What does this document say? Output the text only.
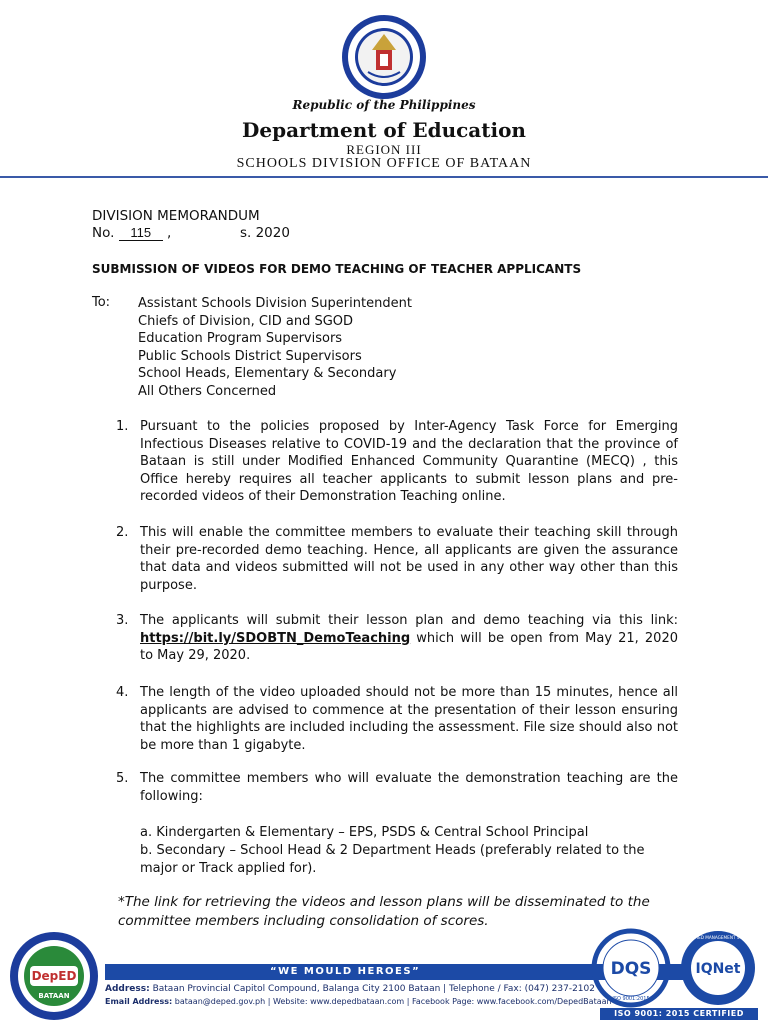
Republic of the Philippines
Department of Education
REGION III
SCHOOLS DIVISION OFFICE OF BATAAN
DIVISION MEMORANDUM
No. 115 ,                s. 2020
SUBMISSION OF VIDEOS FOR DEMO TEACHING OF TEACHER APPLICANTS
To: Assistant Schools Division Superintendent
Chiefs of Division, CID and SGOD
Education Program Supervisors
Public Schools District Supervisors
School Heads, Elementary & Secondary
All Others Concerned
1. Pursuant to the policies proposed by Inter-Agency Task Force for Emerging Infectious Diseases relative to COVID-19 and the declaration that the province of Bataan is still under Modified Enhanced Community Quarantine (MECQ) , this Office hereby requires all teacher applicants to submit lesson plans and pre-recorded videos of their Demonstration Teaching online.
2. This will enable the committee members to evaluate their teaching skill through their pre-recorded demo teaching. Hence, all applicants are given the assurance that data and videos submitted will not be used in any other way other than this purpose.
3. The applicants will submit their lesson plan and demo teaching via this link: https://bit.ly/SDOBTN_DemoTeaching which will be open from May 21, 2020 to May 29, 2020.
4. The length of the video uploaded should not be more than 15 minutes, hence all applicants are advised to commence at the presentation of their lesson ensuring that the highlights are included including the assessment. File size should also not be more than 1 gigabyte.
5. The committee members who will evaluate the demonstration teaching are the following:
a. Kindergarten & Elementary – EPS, PSDS & Central School Principal
b. Secondary – School Head & 2 Department Heads (preferably related to the major or Track applied for).
*The link for retrieving the videos and lesson plans will be disseminated to the committee members including consolidation of scores.
DepED
BATAAN
“WE MOULD HEROES”
Address: Bataan Provincial Capitol Compound, Balanga City 2100 Bataan | Telephone / Fax: (047) 237-2102
Email Address: bataan@deped.gov.ph | Website: www.depedbataan.com | Facebook Page: www.facebook.com/DepedBataan
DQS
ISO 9001:2015
IQNet
CERTIFIED MANAGEMENT SYSTEM
ISO 9001: 2015 CERTIFIED
